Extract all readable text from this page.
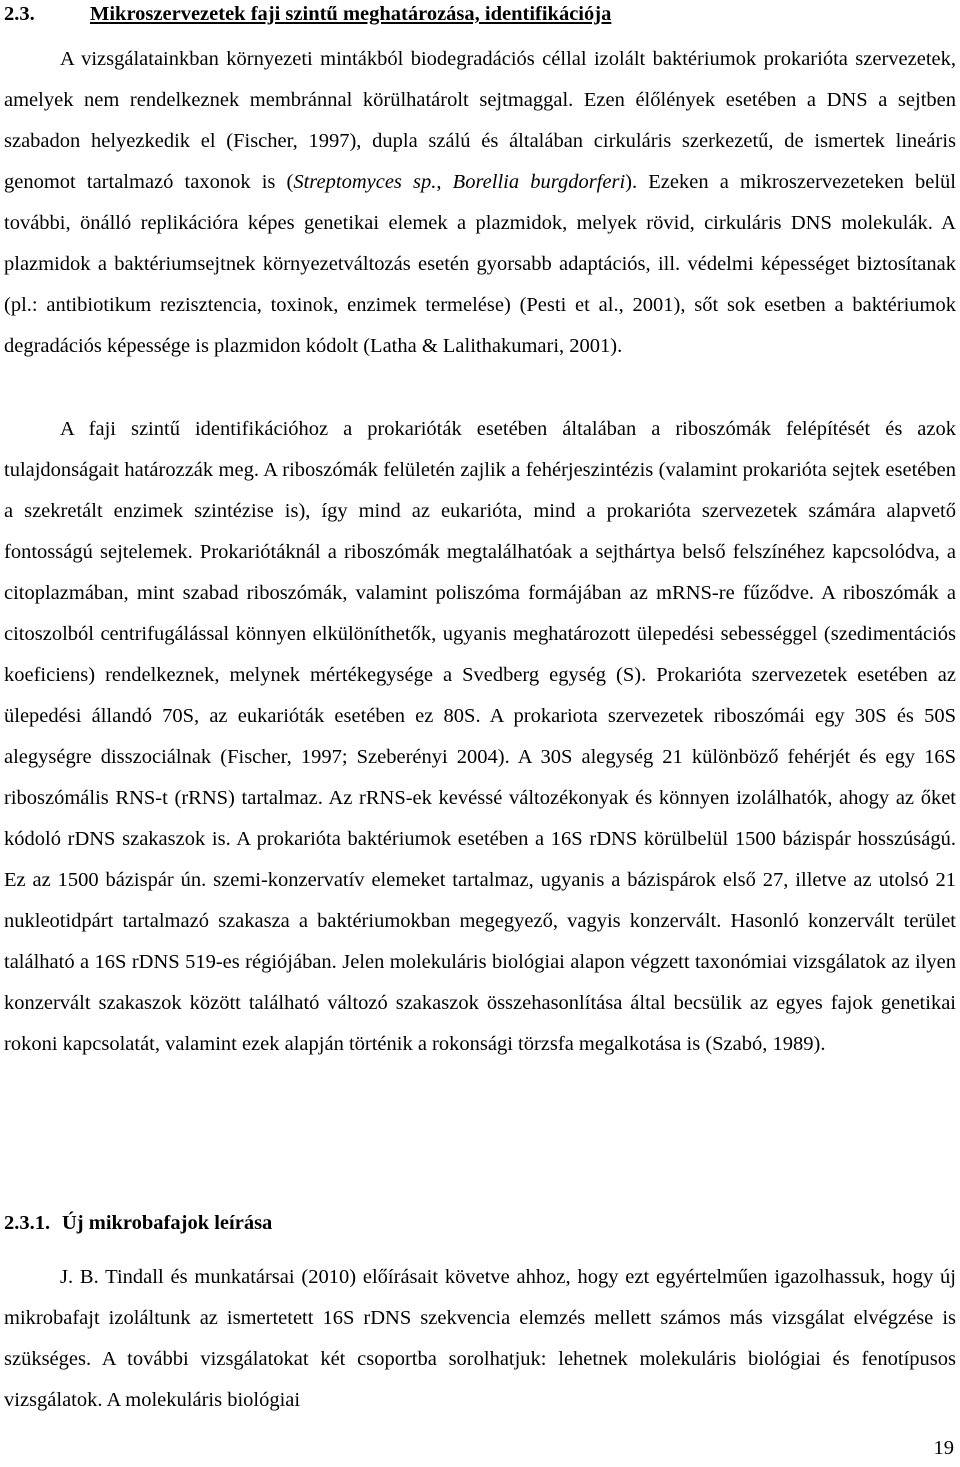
2.3.	Mikroszervezetek faji szintű meghatározása, identifikációja

A vizsgálatainkban környezeti mintákból biodegradációs céllal izolált baktériumok prokarióta szervezetek, amelyek nem rendelkeznek membránnal körülhatárolt sejtmaggal. Ezen élőlények esetében a DNS a sejtben szabadon helyezkedik el (Fischer, 1997), dupla szálú és általában cirkuláris szerkezetű, de ismertek lineáris genomot tartalmazó taxonok is (Streptomyces sp., Borellia burgdorferi). Ezeken a mikroszervezeteken belül további, önálló replikációra képes genetikai elemek a plazmidok, melyek rövid, cirkuláris DNS molekulák. A plazmidok a baktériumsejtnek környezetváltozás esetén gyorsabb adaptációs, ill. védelmi képességet biztosítanak (pl.: antibiotikum rezisztencia, toxinok, enzimek termelése) (Pesti et al., 2001), sőt sok esetben a baktériumok degradációs képessége is plazmidon kódolt (Latha & Lalithakumari, 2001).

A faji szintű identifikációhoz a prokarióták esetében általában a riboszómák felépítését és azok tulajdonságait határozzák meg. A riboszómák felületén zajlik a fehérjeszintézis (valamint prokarióta sejtek esetében a szekretált enzimek szintézise is), így mind az eukarióta, mind a prokarióta szervezetek számára alapvető fontosságú sejtelemek. Prokariótáknál a riboszómák megtalálhatóak a sejthártya belső felszínéhez kapcsolódva, a citoplazmában, mint szabad riboszómák, valamint poliszóma formájában az mRNS-re fűződve. A riboszómák a citoszolból centrifugálással könnyen elkülöníthetők, ugyanis meghatározott ülepedési sebességgel (szedimentációs koeficiens) rendelkeznek, melynek mértékegysége a Svedberg egység (S). Prokarióta szervezetek esetében az ülepedési állandó 70S, az eukarióták esetében ez 80S. A prokariota szervezetek riboszómái egy 30S és 50S alegységre disszociálnak (Fischer, 1997; Szeberényi 2004). A 30S alegység 21 különböző fehérjét és egy 16S riboszómális RNS-t (rRNS) tartalmaz. Az rRNS-ek kevéssé változékonyak és könnyen izolálhatók, ahogy az őket kódoló rDNS szakaszok is. A prokarióta baktériumok esetében a 16S rDNS körülbelül 1500 bázispár hosszúságú. Ez az 1500 bázispár ún. szemi-konzervatív elemeket tartalmaz, ugyanis a bázispárok első 27, illetve az utolsó 21 nukleotidpárt tartalmazó szakasza a baktériumokban megegyező, vagyis konzervált. Hasonló konzervált terület található a 16S rDNS 519-es régiójában. Jelen molekuláris biológiai alapon végzett taxonómiai vizsgálatok az ilyen konzervált szakaszok között található változó szakaszok összehasonlítása által becsülik az egyes fajok genetikai rokoni kapcsolatát, valamint ezek alapján történik a rokonsági törzsfa megalkotása is (Szabó, 1989).

2.3.1. Új mikrobafajok leírása

J. B. Tindall és munkatársai (2010) előírásait követve ahhoz, hogy ezt egyértelműen igazolhassuk, hogy új mikrobafajt izoláltunk az ismertetett 16S rDNS szekvencia elemzés mellett számos más vizsgálat elvégzése is szükséges. A további vizsgálatokat két csoportba sorolhatjuk: lehetnek molekuláris biológiai és fenotípusos vizsgálatok. A molekuláris biológiai

19
